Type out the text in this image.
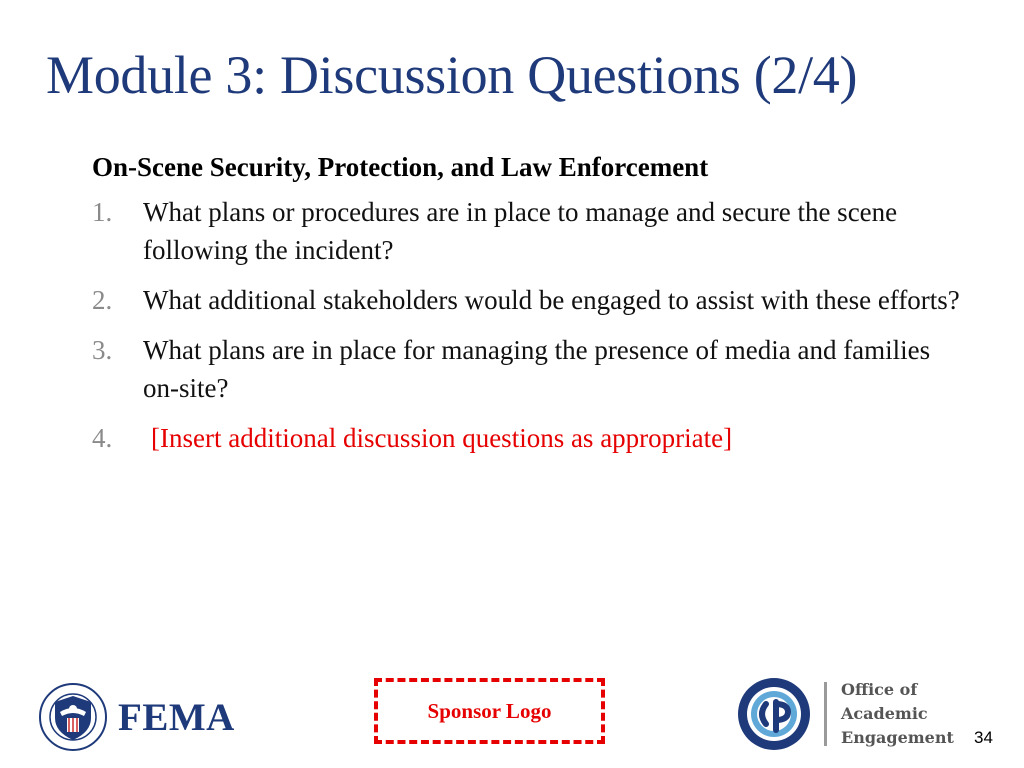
Module 3: Discussion Questions (2/4)
On-Scene Security, Protection, and Law Enforcement
1. What plans or procedures are in place to manage and secure the scene following the incident?
2. What additional stakeholders would be engaged to assist with these efforts?
3. What plans are in place for managing the presence of media and families on-site?
4. [Insert additional discussion questions as appropriate]
FEMA	Sponsor Logo
Office of
Academic
Engagement 34
